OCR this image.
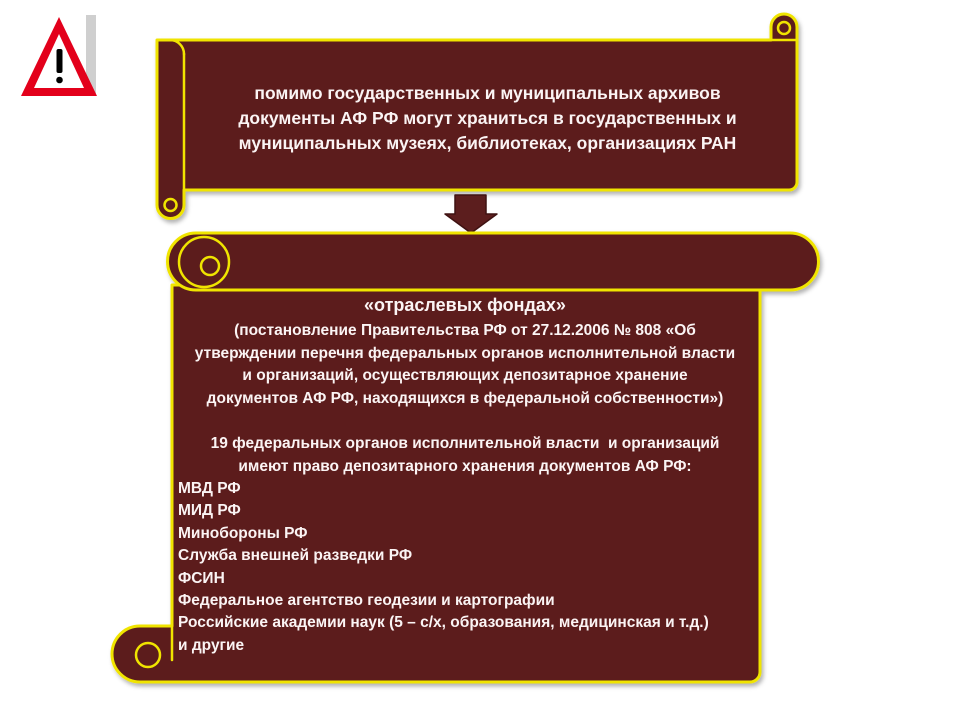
помимо государственных и муниципальных архивов
документы АФ РФ могут храниться в государственных и
муниципальных музеях, библиотеках, организациях РАН
«отраслевых фондах»
(постановление Правительства РФ от 27.12.2006 № 808 «Об
утверждении перечня федеральных органов исполнительной власти
и организаций, осуществляющих депозитарное хранение
документов АФ РФ, находящихся в федеральной собственности»)
19 федеральных органов исполнительной власти  и организаций
имеют право депозитарного хранения документов АФ РФ:
МВД РФ
МИД РФ
Минобороны РФ
Служба внешней разведки РФ
ФСИН
Федеральное агентство геодезии и картографии
Российские академии наук (5 – с/х, образования, медицинская и т.д.)
и другие
